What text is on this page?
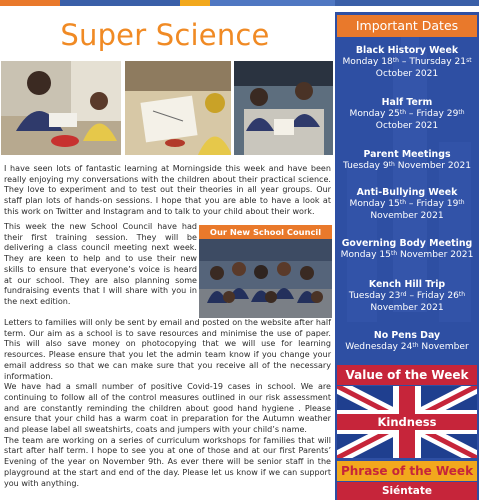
Super Science
I have seen lots of fantastic learning at Morningside this week and have been really enjoying my conversations with the children about their practical science. They love to experiment and to test out their theories in all year groups. Our staff plan lots of hands-on sessions. I hope that you are able to have a look at this work on Twitter and Instagram and to talk to your child about their work.
This week the new School Council have had their first training session. They will be delivering a class council meeting next week. They are keen to help and to use their new skills to ensure that everyone’s voice is heard at our school. They are also planning some fundraising events that I will share with you in the next edition.
Our New School Council
Letters to families will only be sent by email and posted on the website after half term. Our aim as a school is to save resources and minimise the use of paper. This will also save money on photocopying that we will use for learning resources. Please ensure that you let the admin team know if you change your email address so that we can make sure that you receive all of the necessary information.
We have had a small number of positive Covid-19 cases in school. We are continuing to follow all of the control measures outlined in our risk assessment and are constantly reminding the children about good hand hygiene . Please ensure that your child has a warm coat in preparation for the Autumn weather and please label all sweatshirts, coats and jumpers with your child’s name.
The team are working on a series of curriculum workshops for families that will start after half term. I hope to see you at one of those and at our first Parents’ Evening of the year on November 9th. As ever there will be senior staff in the playground at the start and end of the day. Please let us know if we can support you with anything.
Important Dates
Black History Week
Monday 18th – Thursday 21st October 2021
Half Term
Monday 25th – Friday 29th October 2021
Parent Meetings
Tuesday 9th November 2021
Anti-Bullying Week
Monday 15th – Friday 19th November 2021
Governing Body Meeting
Monday 15th November 2021
Kench Hill Trip
Tuesday 23rd – Friday 26th November 2021
No Pens Day
Wednesday 24th November
Value of the Week
Kindness
Phrase of the Week
Siéntate
